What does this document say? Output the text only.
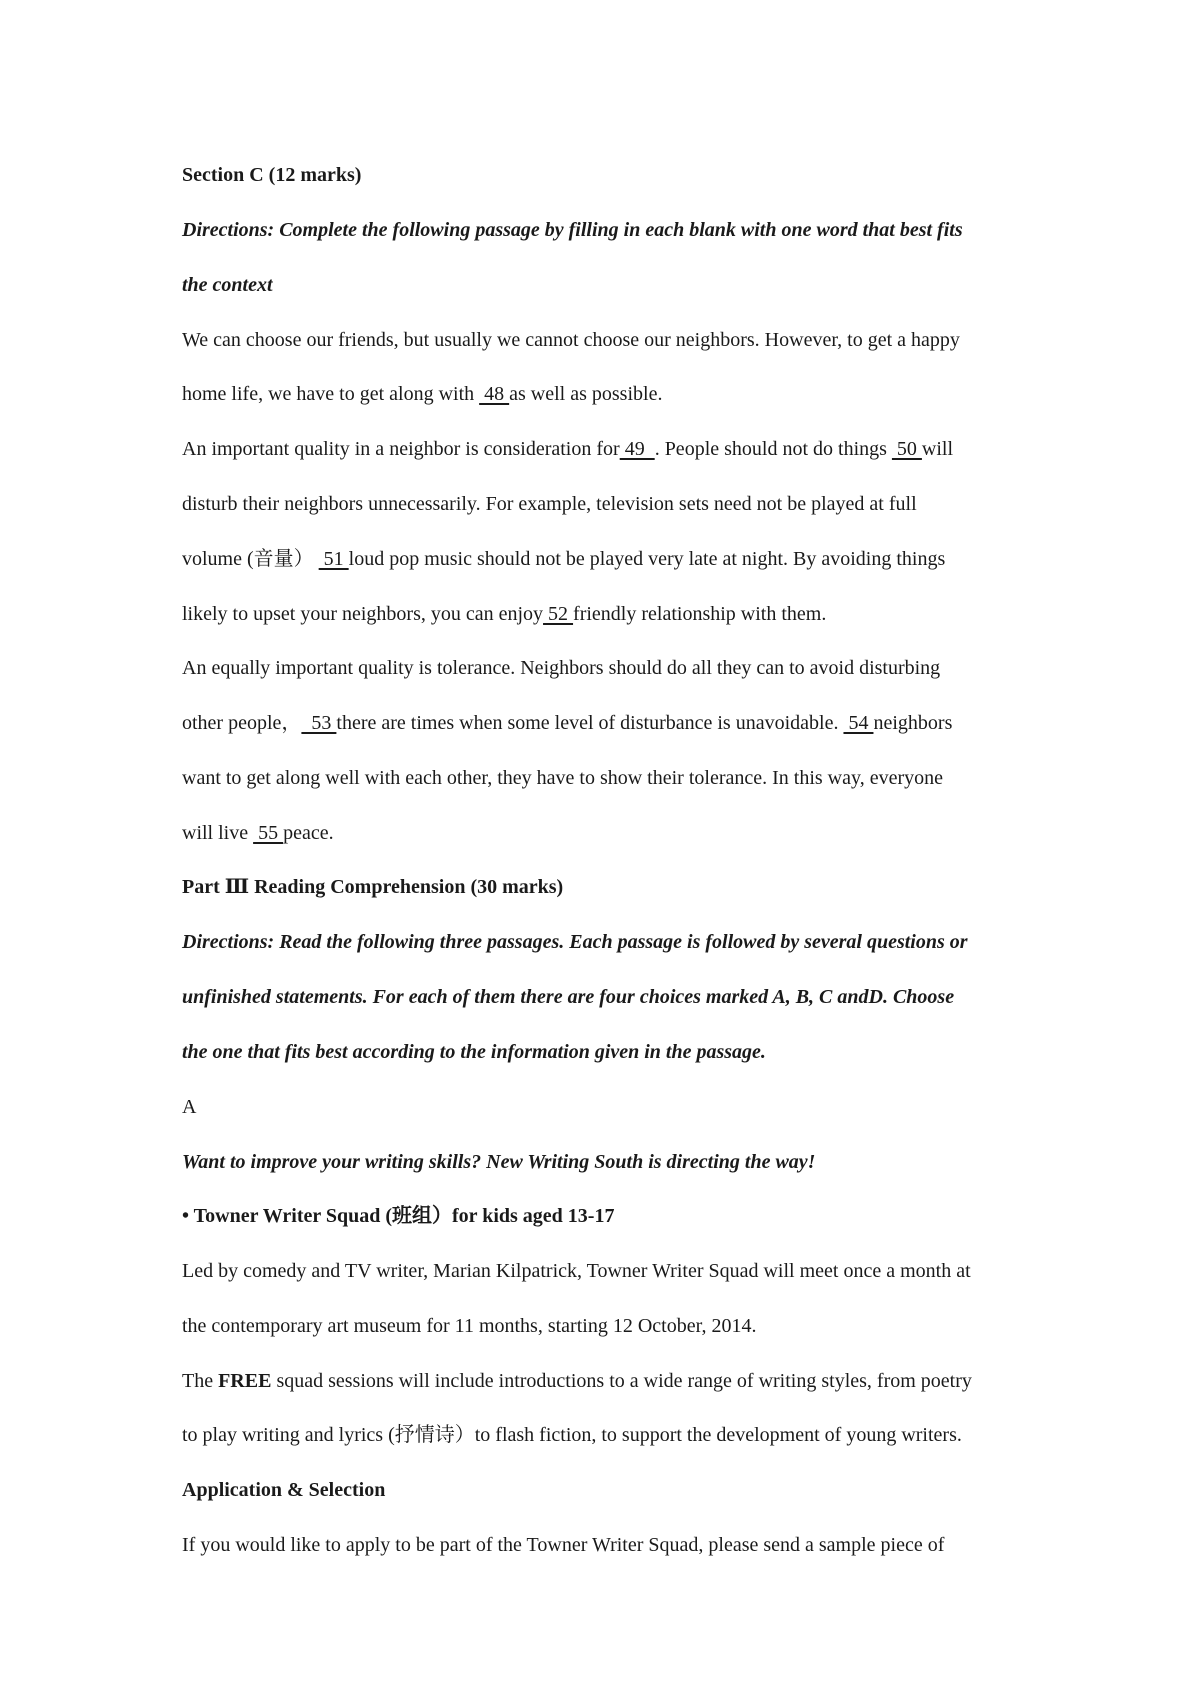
Section C (12 marks)
Directions: Complete the following passage by filling in each blank with one word that best fits
the context
We can choose our friends, but usually we cannot choose our neighbors. However, to get a happy
home life, we have to get along with  48 as well as possible.
An important quality in a neighbor is consideration for 49  . People should not do things  50 will
disturb their neighbors unnecessarily. For example, television sets need not be played at full
volume (音量）  51 loud pop music should not be played very late at night. By avoiding things
likely to upset your neighbors, you can enjoy 52 friendly relationship with them.
An equally important quality is tolerance. Neighbors should do all they can to avoid disturbing
other people，  53 there are times when some level of disturbance is unavoidable.  54 neighbors
want to get along well with each other, they have to show their tolerance. In this way, everyone
will live  55 peace.
Part Ⅲ Reading Comprehension (30 marks)
Directions: Read the following three passages. Each passage is followed by several questions or
unfinished statements. For each of them there are four choices marked A, B, C andD. Choose
the one that fits best according to the information given in the passage.
A
Want to improve your writing skills? New Writing South is directing the way!
• Towner Writer Squad (班组）for kids aged 13-17
Led by comedy and TV writer, Marian Kilpatrick, Towner Writer Squad will meet once a month at
the contemporary art museum for 11 months, starting 12 October, 2014.
The FREE squad sessions will include introductions to a wide range of writing styles, from poetry
to play writing and lyrics (抒情诗）to flash fiction, to support the development of young writers.
Application & Selection
If you would like to apply to be part of the Towner Writer Squad, please send a sample piece of
